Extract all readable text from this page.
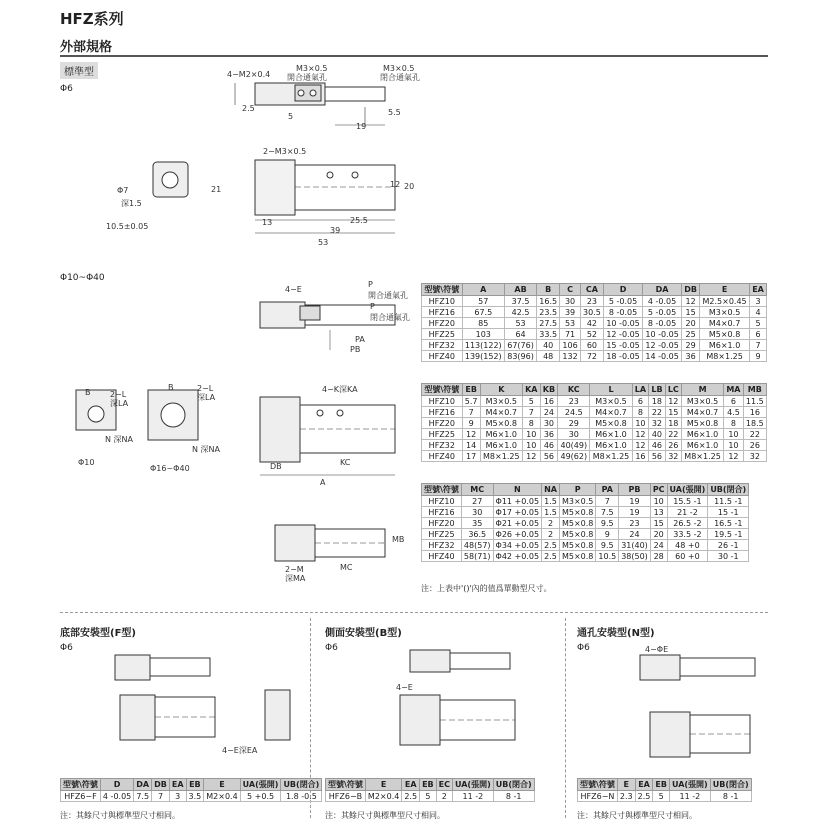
HFZ系列
外部規格
標準型
Φ6
Φ10~Φ40
4−M2×0.4
M3×0.5
開合通氣孔
M3×0.5
閉合通氣孔
2.5
5	5.5
19
2−M3×0.5
21
12 20
13	25.5
39
53
Φ7
深1.5
10.5±0.05
4−E
P
開合通氣孔
P
閉合通氣孔
PA
PB
B 2−L
深LA
N 深NA
Φ10
B	2−L
深LA
N 深NA
Φ16~Φ40
4−K深KA
KC
DB
A
2−M
深MA
MC
MB
型號\符號	A	AB	B	C	CA	D	DA	DB	E	EA
HFZ10	57	37.5	16.5	30	23	5 -0.05	4 -0.05	12	M2.5×0.45	3
HFZ16	67.5	42.5	23.5	39	30.5	8 -0.05	5 -0.05	15	M3×0.5	4
HFZ20	85	53	27.5	53	42	10 -0.05	8 -0.05	20	M4×0.7	5
HFZ25	103	64	33.5	71	52	12 -0.05	10 -0.05	25	M5×0.8	6
HFZ32	113(122)	67(76)	40	106	60	15 -0.05	12 -0.05	29	M6×1.0	7
HFZ40	139(152)	83(96)	48	132	72	18 -0.05	14 -0.05	36	M8×1.25	9
型號\符號	EB	K	KA	KB	KC	L	LA	LB	LC	M	MA	MB
HFZ10	5.7	M3×0.5	5	16	23	M3×0.5	6	18	12	M3×0.5	6	11.5
HFZ16	7	M4×0.7	7	24	24.5	M4×0.7	8	22	15	M4×0.7	4.5	16
HFZ20	9	M5×0.8	8	30	29	M5×0.8	10	32	18	M5×0.8	8	18.5
HFZ25	12	M6×1.0	10	36	30	M6×1.0	12	40	22	M6×1.0	10	22
HFZ32	14	M6×1.0	10	46	40(49)	M6×1.0	12	46	26	M6×1.0	10	26
HFZ40	17	M8×1.25	12	56	49(62)	M8×1.25	16	56	32	M8×1.25	12	32
型號\符號	MC	N	NA	P	PA	PB	PC	UA(張開)	UB(閉合)
HFZ10	27	Φ11 +0.05	1.5	M3×0.5	7	19	10	15.5 -1	11.5 -1
HFZ16	30	Φ17 +0.05	1.5	M5×0.8	7.5	19	13	21 -2	15 -1
HFZ20	35	Φ21 +0.05	2	M5×0.8	9.5	23	15	26.5 -2	16.5 -1
HFZ25	36.5	Φ26 +0.05	2	M5×0.8	9	24	20	33.5 -2	19.5 -1
HFZ32	48(57)	Φ34 +0.05	2.5	M5×0.8	9.5	31(40)	24	48 +0	26 -1
HFZ40	58(71)	Φ42 +0.05	2.5	M5×0.8	10.5	38(50)	28	60 +0	30 -1
注：上表中'()'內的值爲單動型尺寸。
底部安裝型(F型)
Φ6
4−E深EA
型號\符號	D	DA	DB	EA	EB	E	UA(張開)	UB(閉合)
HFZ6−F	4 -0.05	7.5	7	3	3.5	M2×0.4	5 +0.5	1.8 -0.5
注：其餘尺寸與標準型尺寸相同。
側面安裝型(B型)
Φ6
4−E
型號\符號	E	EA	EB	EC	UA(張開)	UB(閉合)
HFZ6−B	M2×0.4	2.5	5	2	11 -2	8 -1
注：其餘尺寸與標準型尺寸相同。
通孔安裝型(N型)
Φ6	4−ΦE
型號\符號	E	EA	EB	UA(張開)	UB(閉合)
HFZ6−N	2.3	2.5	5	11 -2	8 -1
注：其餘尺寸與標準型尺寸相同。
